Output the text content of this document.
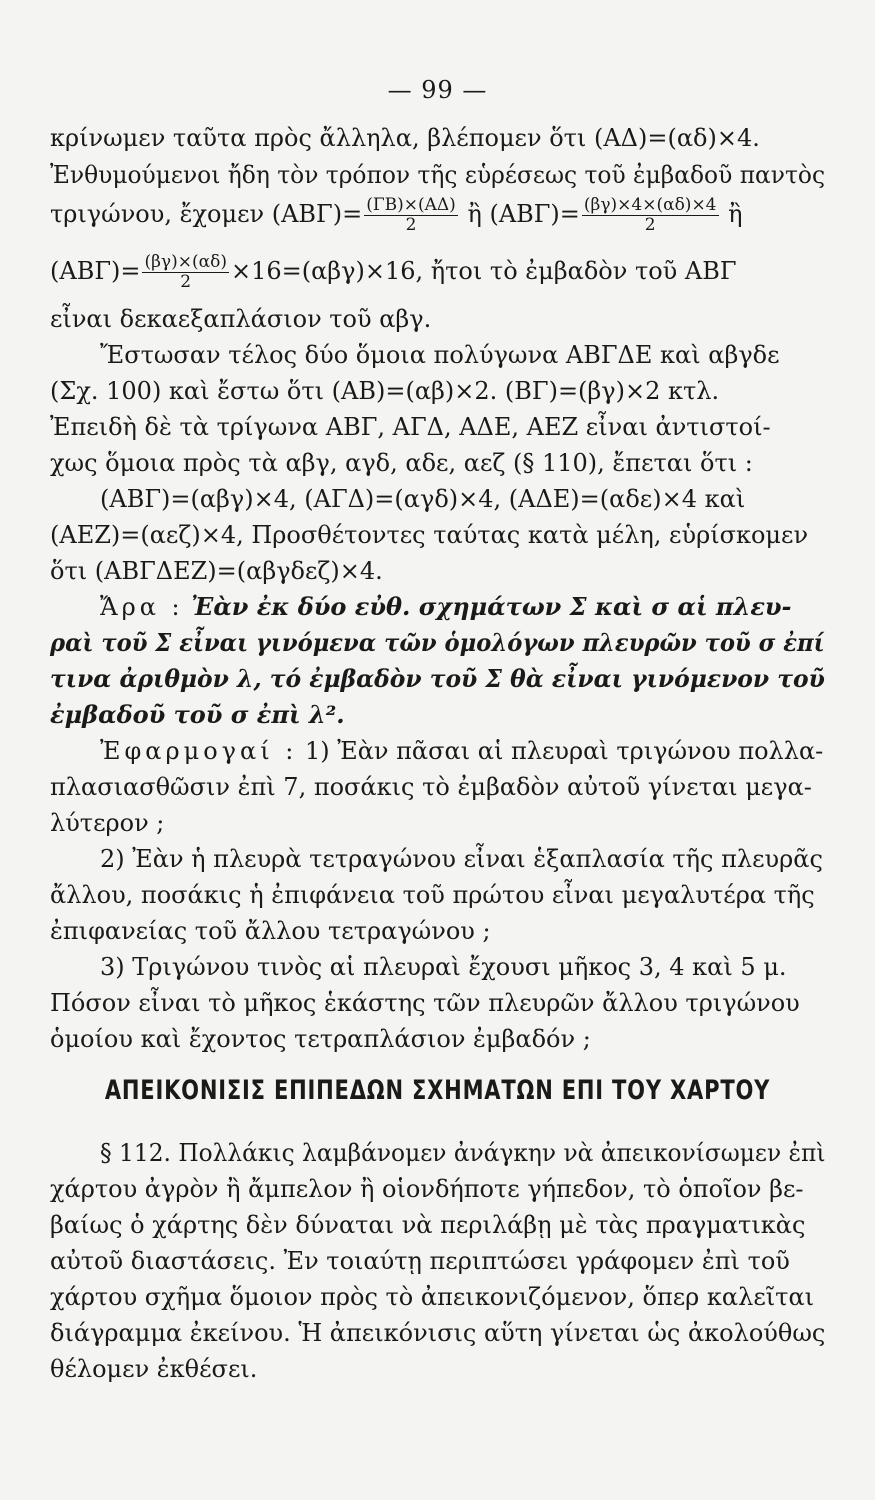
— 99 —
κρίνωμεν ταῦτα πρὸς ἄλληλα, βλέπομεν ὅτι (ΑΔ)=(αδ)×4.
Ἐνθυμούμενοι ἤδη τὸν τρόπον τῆς εὑρέσεως τοῦ ἐμβαδοῦ παντὸς
τριγώνου, ἔχομεν $(AB\Gamma)= \frac{(\Gamma B)\times(A\Delta)}{2}$ ἢ $(AB\Gamma)= \frac{(\beta\gamma)\times 4\times(\alpha\delta)\times 4}{2}$ ἢ
$(AB\Gamma)= \frac{(\beta\gamma)\times(\alpha\delta)}{2} \times 16=(\alpha\beta\gamma)\times 16$, ἤτοι τὸ ἐμβαδὸν τοῦ ΑΒΓ
εἶναι δεκαεξαπλάσιον τοῦ αβγ.
Ἔστωσαν τέλος δύο ὅμοια πολύγωνα ΑΒΓΔΕ καὶ αβγδε
(Σχ. 100) καὶ ἔστω ὅτι (ΑΒ)=(αβ)×2. (ΒΓ)=(βγ)×2 κτλ.
Ἐπειδὴ δὲ τὰ τρίγωνα ΑΒΓ, ΑΓΔ, ΑΔΕ, ΑΕΖ εἶναι ἀντιστοί-
χως ὅμοια πρὸς τὰ αβγ, αγδ, αδε, αεζ (§ 110), ἔπεται ὅτι :
(ΑΒΓ)=(αβγ)×4, (ΑΓΔ)=(αγδ)×4, (ΑΔΕ)=(αδε)×4 καὶ
(ΑΕΖ)=(αεζ)×4, Προσθέτοντες ταύτας κατὰ μέλη, εὑρίσκομεν
ὅτι (ΑΒΓΔΕΖ)=(αβγδεζ)×4.
Ἄρα : Ἐὰν ἐκ δύο εὐθ. σχημάτων Σ καὶ σ αἱ πλευ-
ραὶ τοῦ Σ εἶναι γινόμενα τῶν ὁμολόγων πλευρῶν τοῦ σ ἐπί
τινα ἀριθμὸν λ, τό ἐμβαδὸν τοῦ Σ θὰ εἶναι γινόμενον τοῦ
ἐμβαδοῦ τοῦ σ ἐπὶ λ².
Ἐφαρμογαί : 1) Ἐὰν πᾶσαι αἱ πλευραὶ τριγώνου πολλα-
πλασιασθῶσιν ἐπὶ 7, ποσάκις τὸ ἐμβαδὸν αὐτοῦ γίνεται μεγα-
λύτερον ;
2) Ἐὰν ἡ πλευρὰ τετραγώνου εἶναι ἑξαπλασία τῆς πλευρᾶς
ἄλλου, ποσάκις ἡ ἐπιφάνεια τοῦ πρώτου εἶναι μεγαλυτέρα τῆς
ἐπιφανείας τοῦ ἄλλου τετραγώνου ;
3) Τριγώνου τινὸς αἱ πλευραὶ ἔχουσι μῆκος 3, 4 καὶ 5 μ.
Πόσον εἶναι τὸ μῆκος ἑκάστης τῶν πλευρῶν ἄλλου τριγώνου
ὁμοίου καὶ ἔχοντος τετραπλάσιον ἐμβαδόν ;
ΑΠΕΙΚΟΝΙΣΙΣ ΕΠΙΠΕΔΩΝ ΣΧΗΜΑΤΩΝ ΕΠΙ ΤΟΥ ΧΑΡΤΟΥ
§ 112. Πολλάκις λαμβάνομεν ἀνάγκην νὰ ἀπεικονίσωμεν ἐπὶ
χάρτου ἀγρὸν ἢ ἄμπελον ἢ οἱονδήποτε γήπεδον, τὸ ὁποῖον βε-
βαίως ὁ χάρτης δὲν δύναται νὰ περιλάβῃ μὲ τὰς πραγματικὰς
αὐτοῦ διαστάσεις. Ἐν τοιαύτῃ περιπτώσει γράφομεν ἐπὶ τοῦ
χάρτου σχῆμα ὅμοιον πρὸς τὸ ἀπεικονιζόμενον, ὅπερ καλεῖται
διάγραμμα ἐκείνου. Ἡ ἀπεικόνισις αὕτη γίνεται ὡς ἀκολούθως
θέλομεν ἐκθέσει.
